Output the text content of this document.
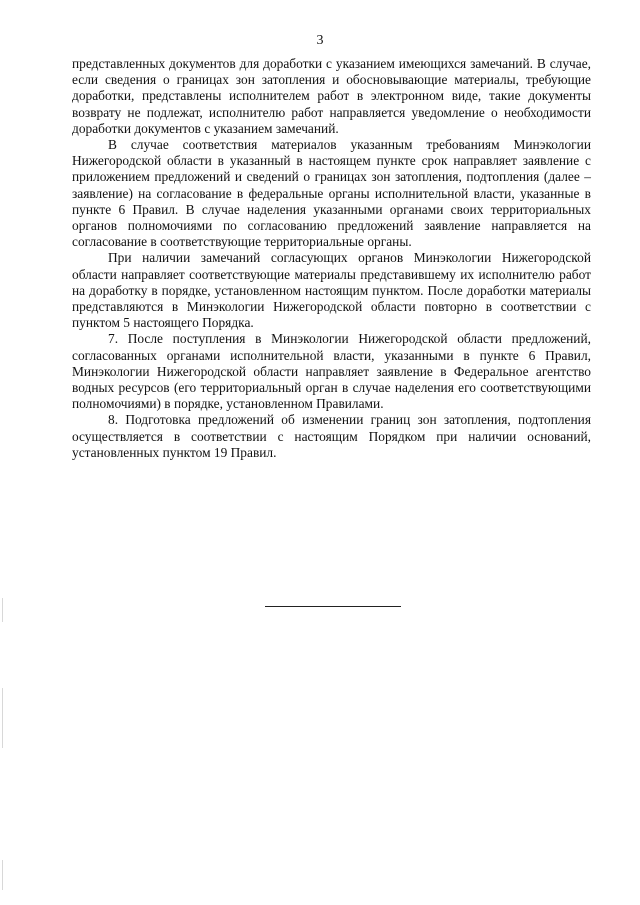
3

представленных документов для доработки с указанием имеющихся замечаний. В случае, если сведения о границах зон затопления и обосновывающие материалы, требующие доработки, представлены исполнителем работ в электронном виде, такие документы возврату не подлежат, исполнителю работ направляется уведомление о необходимости доработки документов с указанием замечаний.

В случае соответствия материалов указанным требованиям Минэкологии Нижегородской области в указанный в настоящем пункте срок направляет заявление с приложением предложений и сведений о границах зон затопления, подтопления (далее – заявление) на согласование в федеральные органы исполнительной власти, указанные в пункте 6 Правил. В случае наделения указанными органами своих территориальных органов полномочиями по согласованию предложений заявление направляется на согласование в соответствующие территориальные органы.

При наличии замечаний согласующих органов Минэкологии Нижегородской области направляет соответствующие материалы представившему их исполнителю работ на доработку в порядке, установленном настоящим пунктом. После доработки материалы представляются в Минэкологии Нижегородской области повторно в соответствии с пунктом 5 настоящего Порядка.

7. После поступления в Минэкологии Нижегородской области предложений, согласованных органами исполнительной власти, указанными в пункте 6 Правил, Минэкологии Нижегородской области направляет заявление в Федеральное агентство водных ресурсов (его территориальный орган в случае наделения его соответствующими полномочиями) в порядке, установленном Правилами.

8. Подготовка предложений об изменении границ зон затопления, подтопления осуществляется в соответствии с настоящим Порядком при наличии оснований, установленных пунктом 19 Правил.
